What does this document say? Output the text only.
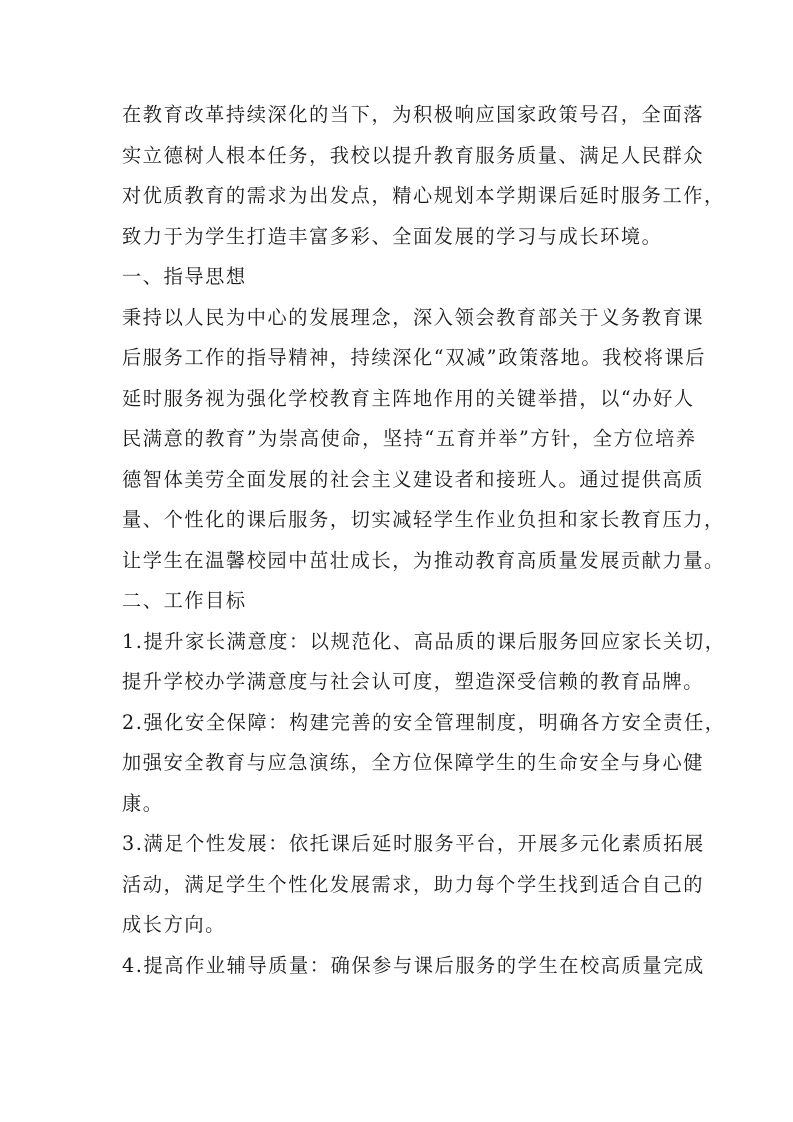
在教育改革持续深化的当下，为积极响应国家政策号召，全面落
实立德树人根本任务，我校以提升教育服务质量、满足人民群众
对优质教育的需求为出发点，精心规划本学期课后延时服务工作，
致力于为学生打造丰富多彩、全面发展的学习与成长环境。
一、指导思想
秉持以人民为中心的发展理念，深入领会教育部关于义务教育课
后服务工作的指导精神，持续深化“双减”政策落地。我校将课后
延时服务视为强化学校教育主阵地作用的关键举措，以“办好人
民满意的教育”为崇高使命，坚持“五育并举”方针，全方位培养
德智体美劳全面发展的社会主义建设者和接班人。通过提供高质
量、个性化的课后服务，切实减轻学生作业负担和家长教育压力，
让学生在温馨校园中茁壮成长，为推动教育高质量发展贡献力量。
二、工作目标
1.提升家长满意度：以规范化、高品质的课后服务回应家长关切，
提升学校办学满意度与社会认可度，塑造深受信赖的教育品牌。
2.强化安全保障：构建完善的安全管理制度，明确各方安全责任，
加强安全教育与应急演练，全方位保障学生的生命安全与身心健
康。
3.满足个性发展：依托课后延时服务平台，开展多元化素质拓展
活动，满足学生个性化发展需求，助力每个学生找到适合自己的
成长方向。
4.提高作业辅导质量：确保参与课后服务的学生在校高质量完成
